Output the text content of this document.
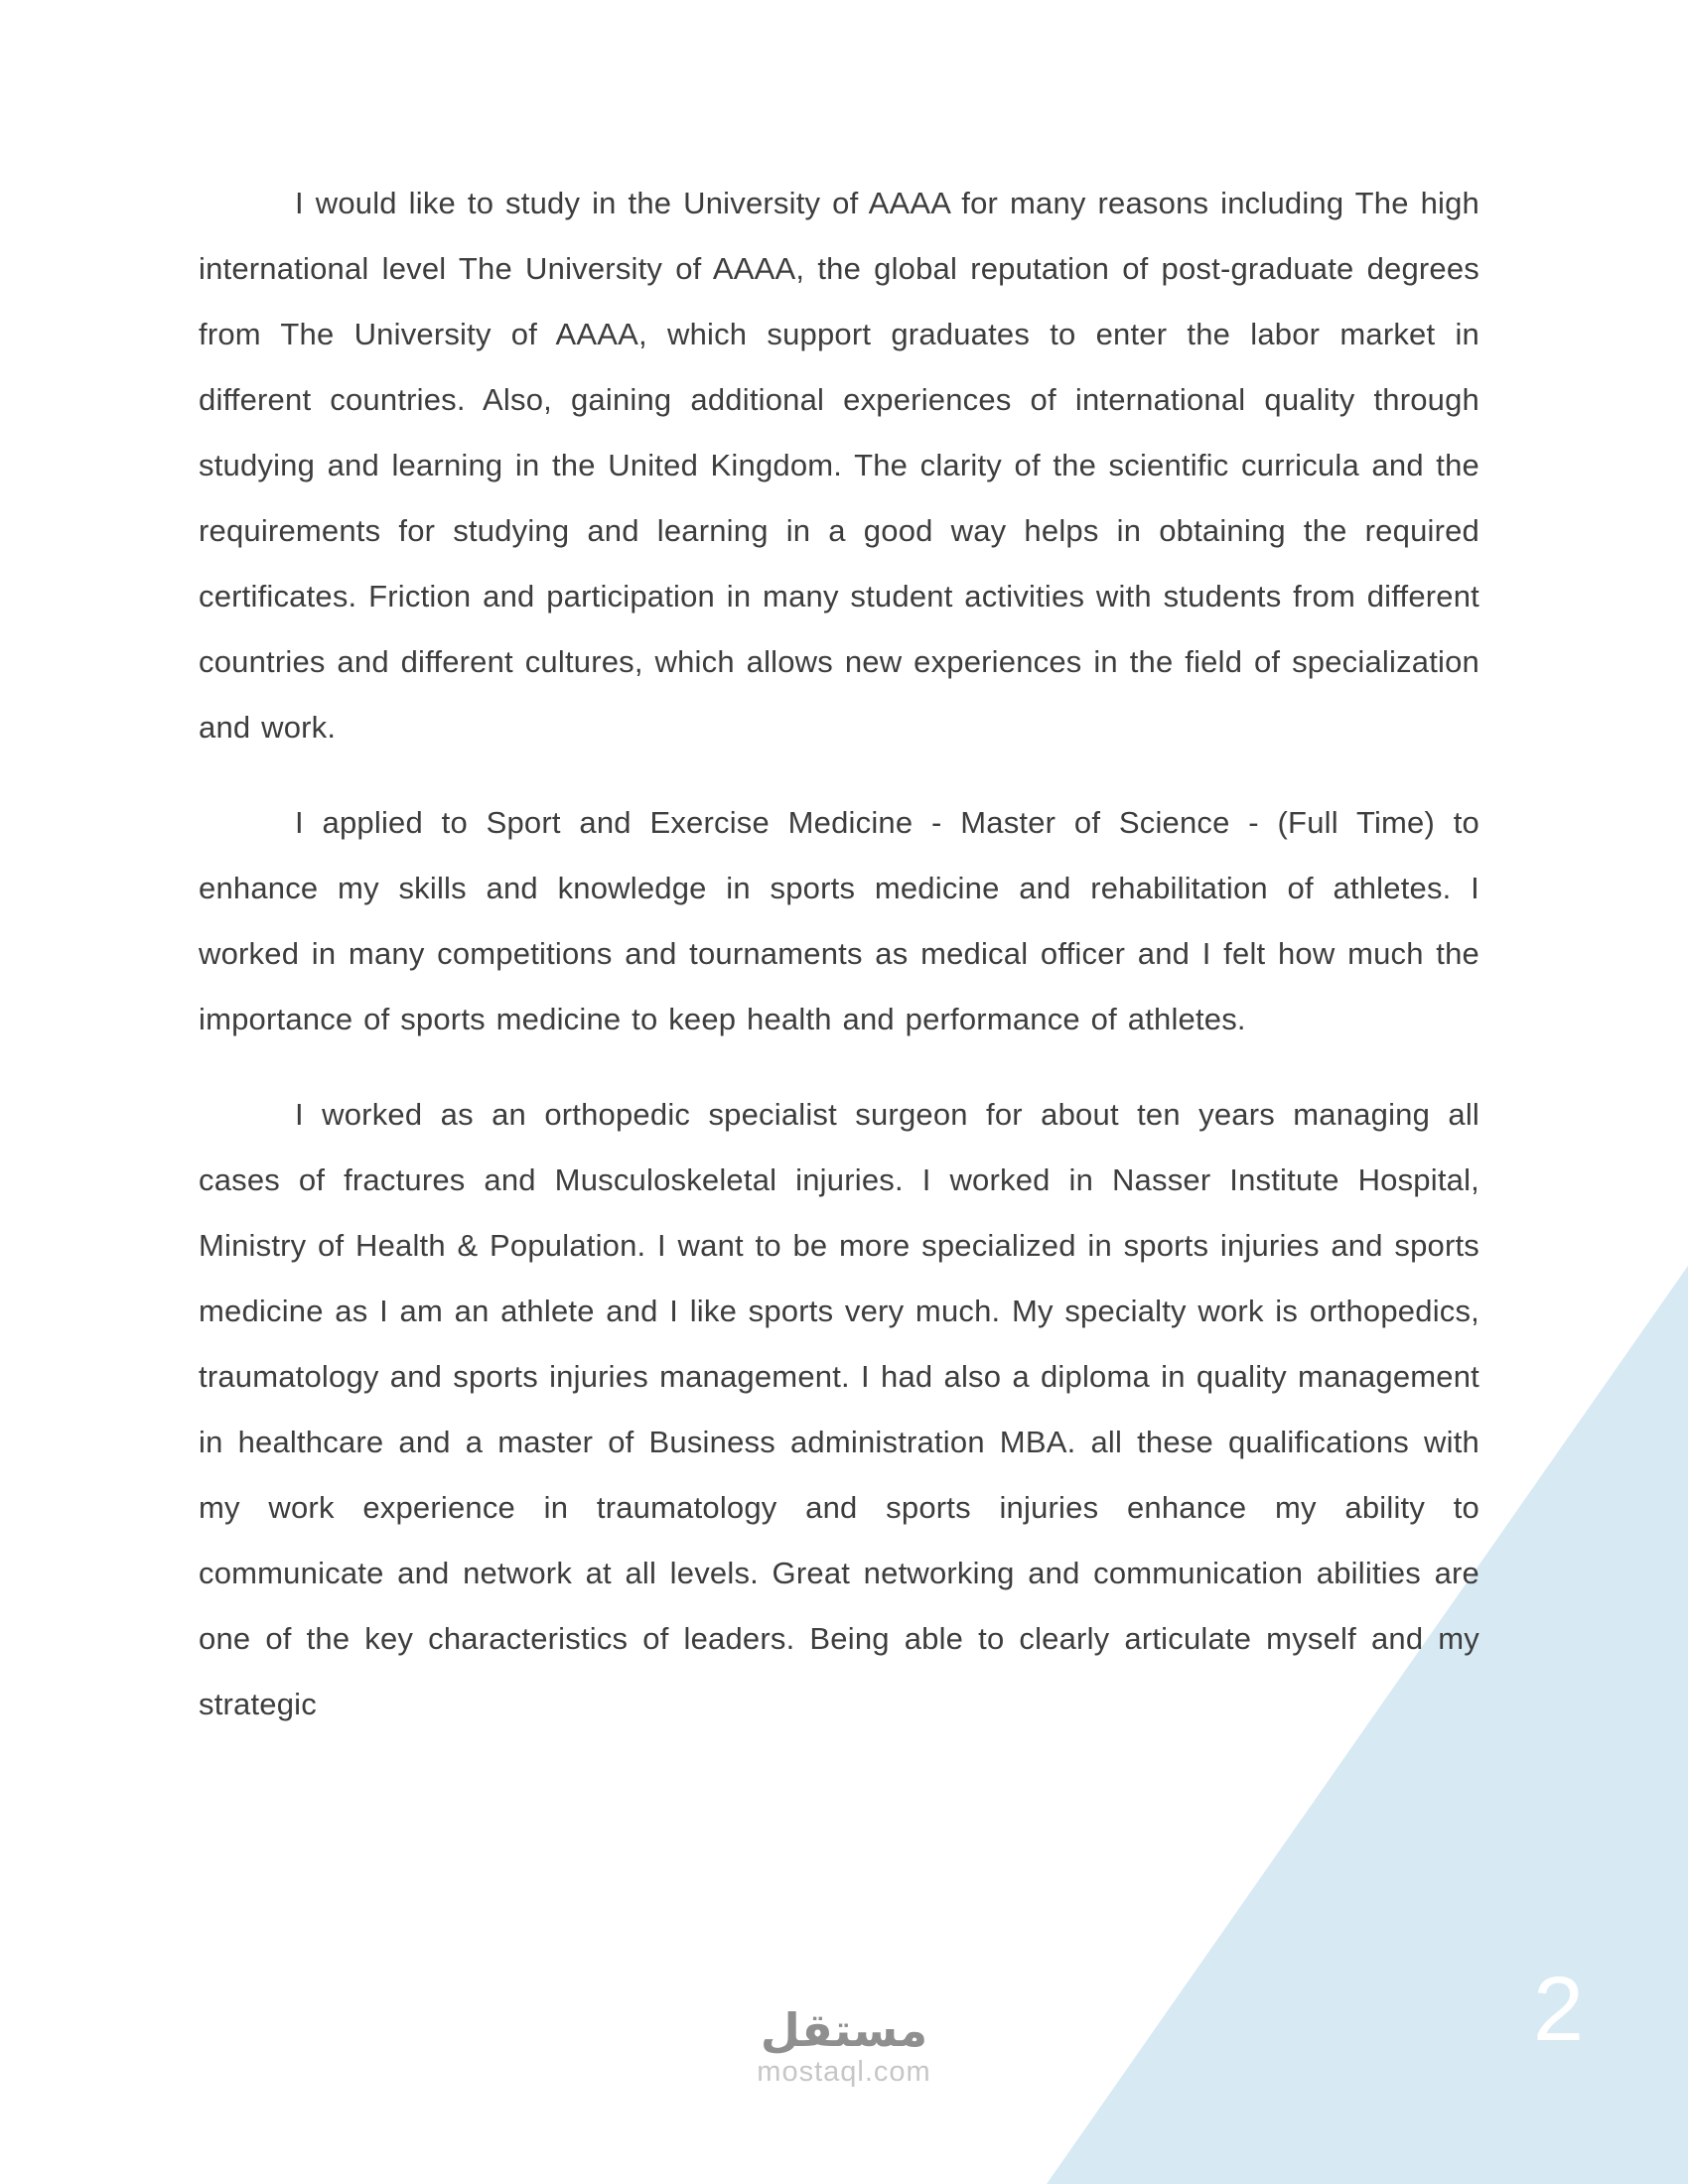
I would like to study in the University of AAAA for many reasons including The high international level The University of AAAA, the global reputation of post-graduate degrees from The University of AAAA, which support graduates to enter the labor market in different countries. Also, gaining additional experiences of international quality through studying and learning in the United Kingdom. The clarity of the scientific curricula and the requirements for studying and learning in a good way helps in obtaining the required certificates. Friction and participation in many student activities with students from different countries and different cultures, which allows new experiences in the field of specialization and work.

I applied to Sport and Exercise Medicine - Master of Science - (Full Time) to enhance my skills and knowledge in sports medicine and rehabilitation of athletes. I worked in many competitions and tournaments as medical officer and I felt how much the importance of sports medicine to keep health and performance of athletes.

I worked as an orthopedic specialist surgeon for about ten years managing all cases of fractures and Musculoskeletal injuries. I worked in Nasser Institute Hospital, Ministry of Health & Population. I want to be more specialized in sports injuries and sports medicine as I am an athlete and I like sports very much. My specialty work is orthopedics, traumatology and sports injuries management. I had also a diploma in quality management in healthcare and a master of Business administration MBA. all these qualifications with my work experience in traumatology and sports injuries enhance my ability to communicate and network at all levels. Great networking and communication abilities are one of the key characteristics of leaders. Being able to clearly articulate myself and my strategic

2
مستقل
mostaql.com
